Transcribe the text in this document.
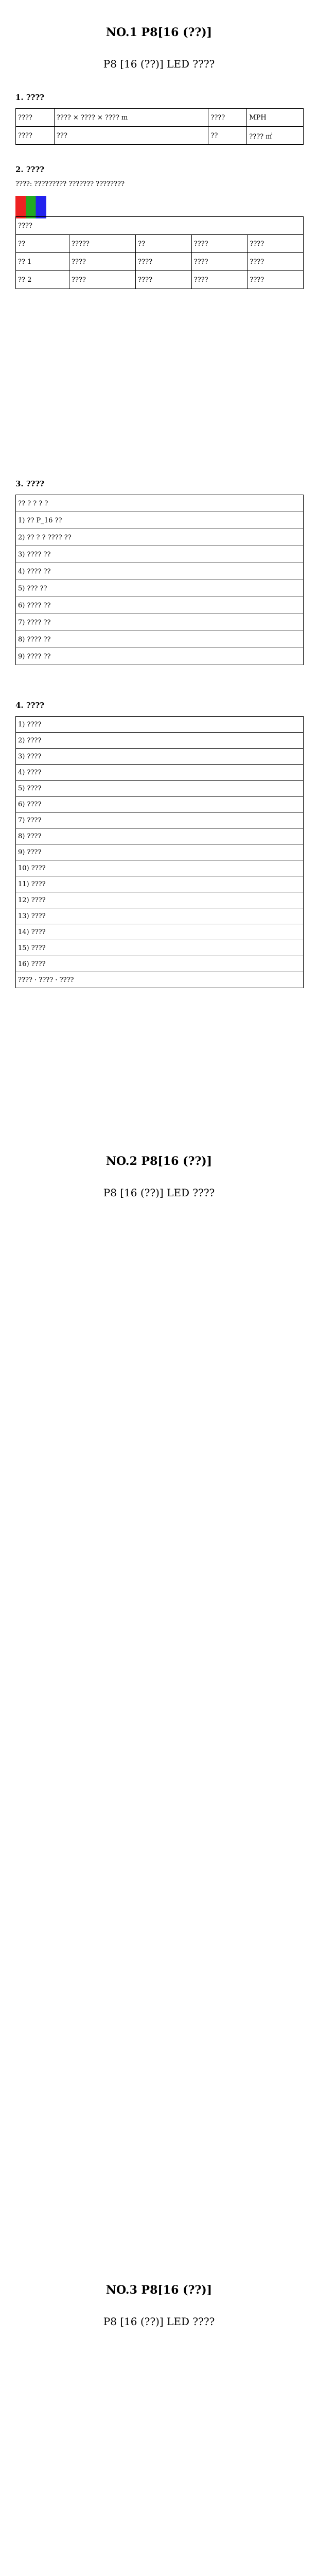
NO.1 P8[16 (??)]
P8 [16 (??)] LED ????
1. ????
????	???? × ???? × ???? m	????	MPH
????	???	??	???? ㎡
2. ????
????: ????????? ??????? ????????
????				
??	?????	??	????	????
?? 1	????	????	????	????
?? 2	????	????	????	????
3. ????
?? ? ? ? ?
1) ?? P_16 ??
2) ?? ? ? ???? ??
3) ???? ??
4) ???? ??
5) ??? ??
6) ???? ??
7) ???? ??
8) ???? ??
9) ???? ??
4. ????
1) ????
2) ????
3) ????
4) ????
5) ????
6) ????
7) ????
8) ????
9) ????
10) ????
11) ????
12) ????
13) ????
14) ????
15) ????
16) ????
???? · ???? · ????
NO.2 P8[16 (??)]
P8 [16 (??)] LED ????
NO.3 P8[16 (??)]
P8 [16 (??)] LED ????
